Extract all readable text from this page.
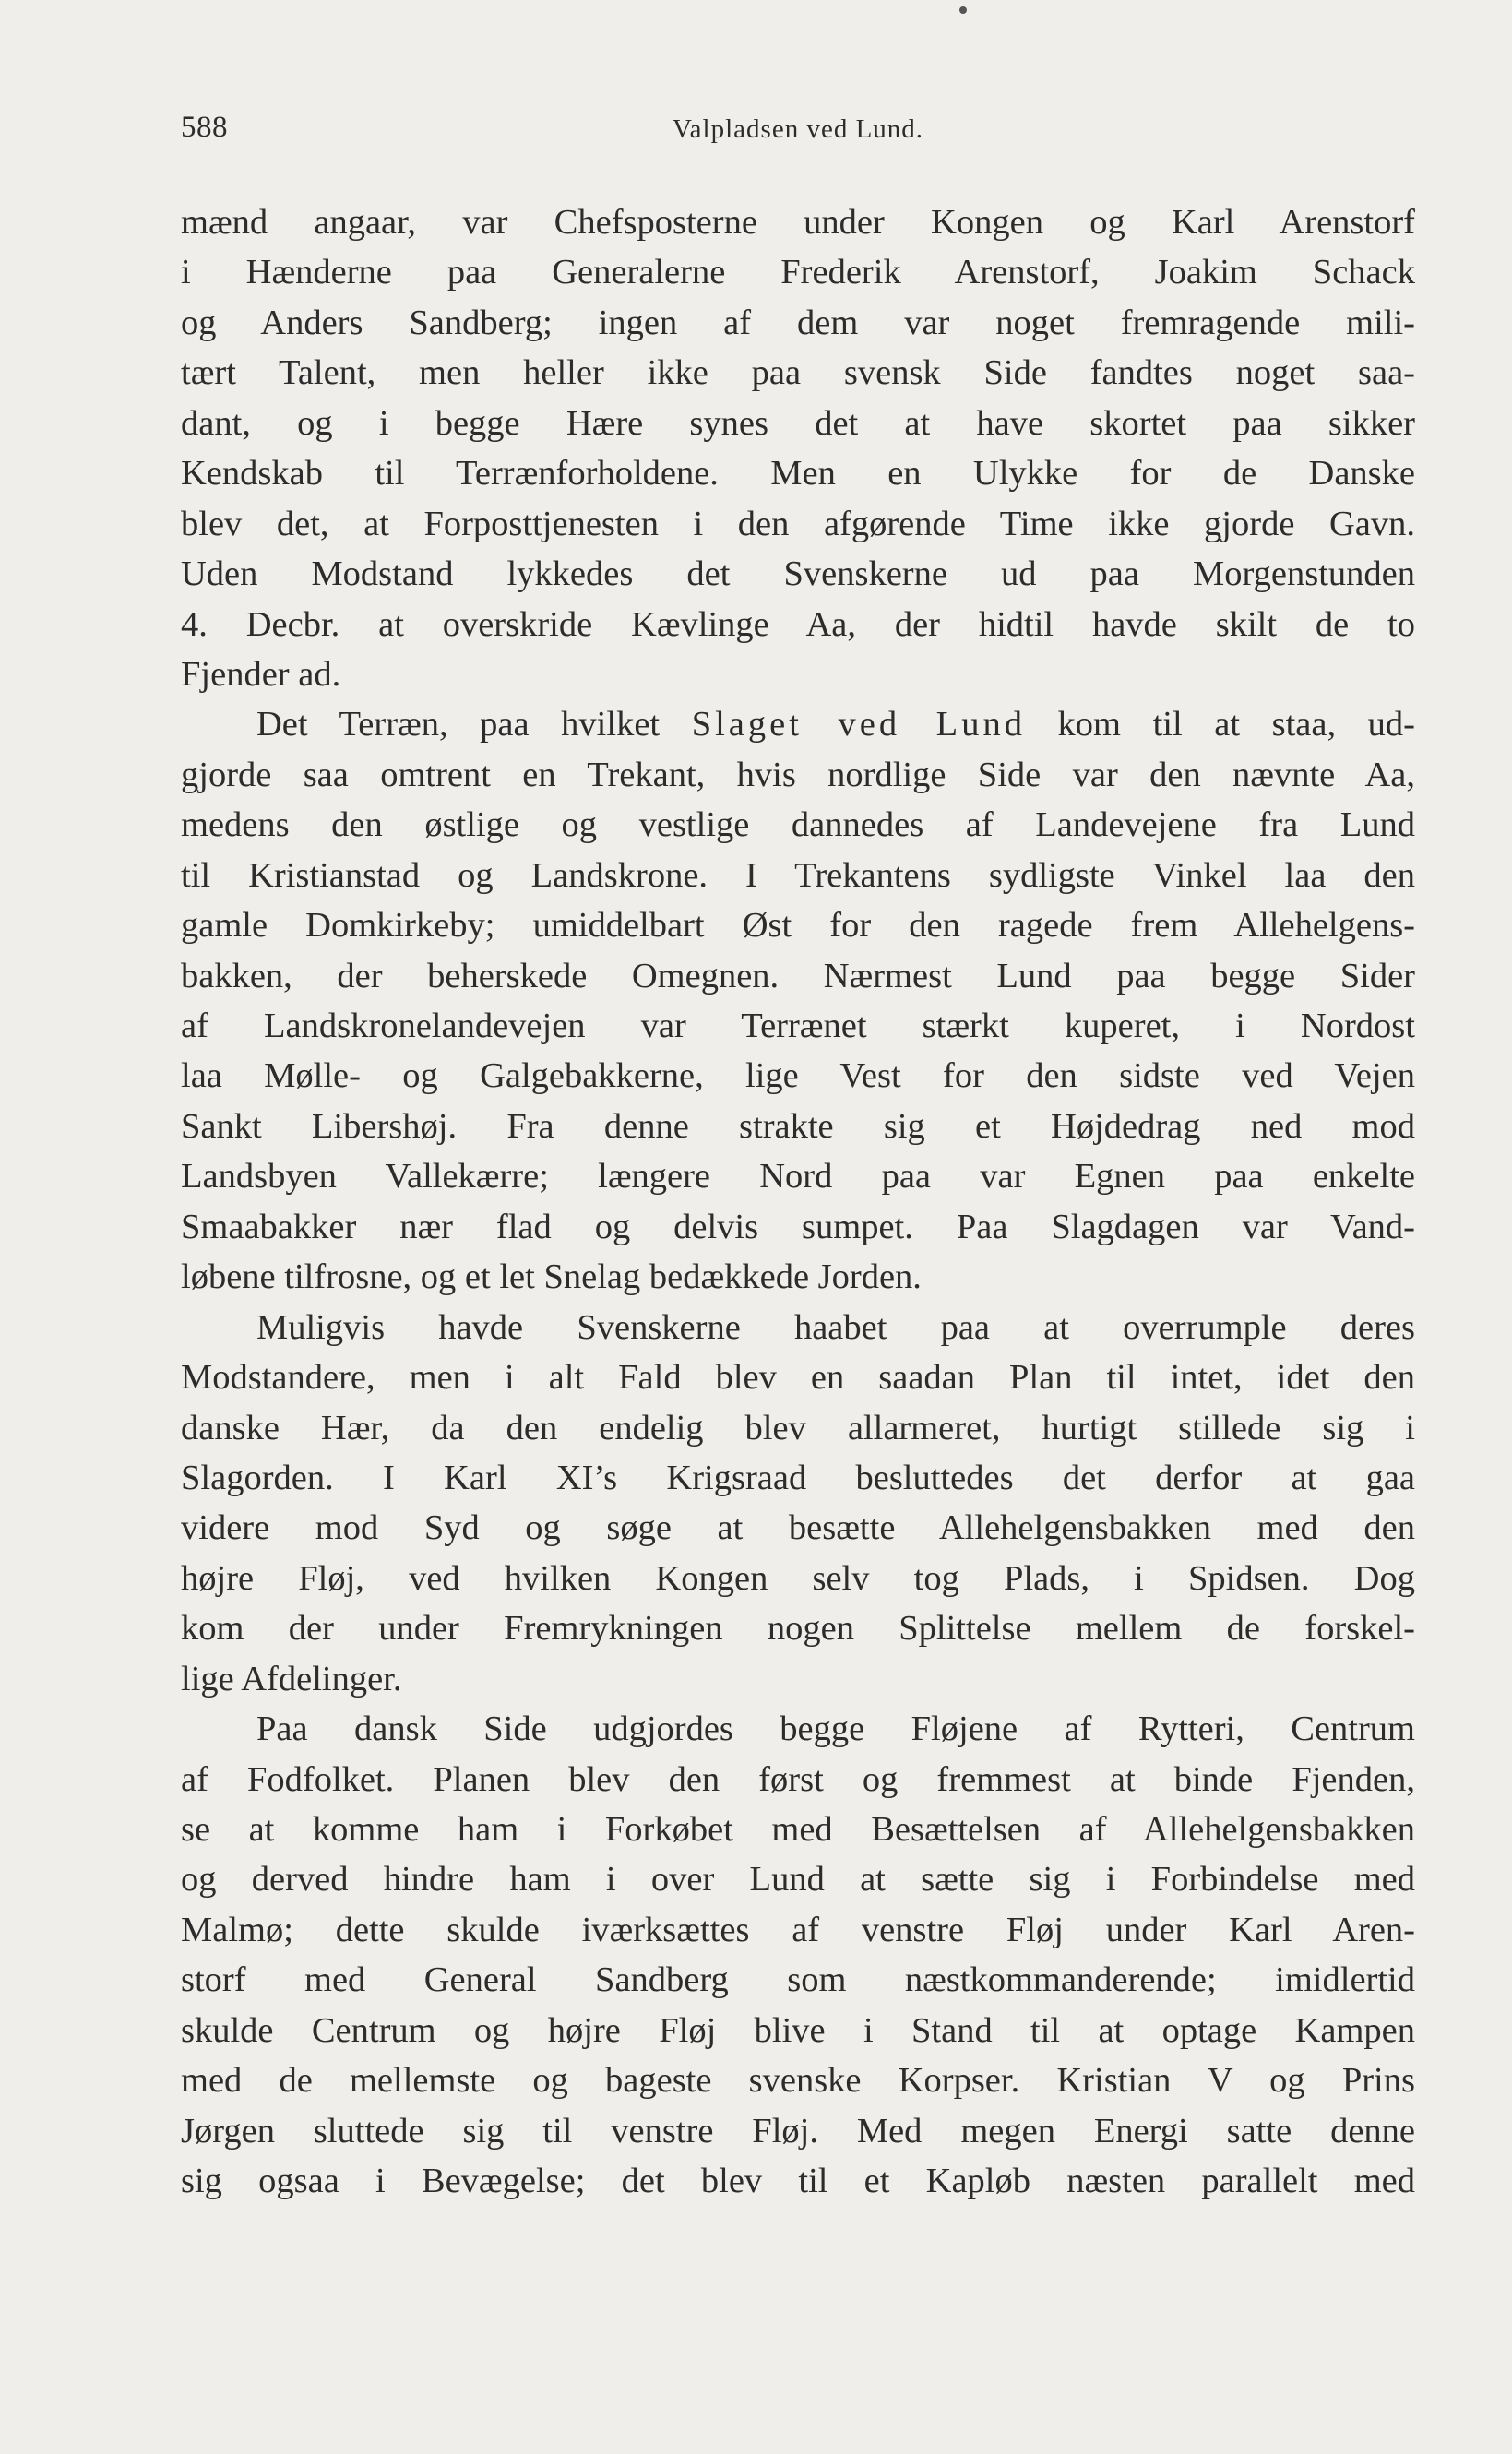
588	Valpladsen ved Lund.
mænd angaar, var Chefsposterne under Kongen og Karl Arenstorf
i Hænderne paa Generalerne Frederik Arenstorf, Joakim Schack
og Anders Sandberg; ingen af dem var noget fremragende mili-
tært Talent, men heller ikke paa svensk Side fandtes noget saa-
dant, og i begge Hære synes det at have skortet paa sikker
Kendskab til Terrænforholdene. Men en Ulykke for de Danske
blev det, at Forposttjenesten i den afgørende Time ikke gjorde Gavn.
Uden Modstand lykkedes det Svenskerne ud paa Morgenstunden
4. Decbr. at overskride Kævlinge Aa, der hidtil havde skilt de to
Fjender ad.
Det Terræn, paa hvilket Slaget ved Lund kom til at staa, ud-
gjorde saa omtrent en Trekant, hvis nordlige Side var den nævnte Aa,
medens den østlige og vestlige dannedes af Landevejene fra Lund
til Kristianstad og Landskrone. I Trekantens sydligste Vinkel laa den
gamle Domkirkeby; umiddelbart Øst for den ragede frem Allehelgens-
bakken, der beherskede Omegnen. Nærmest Lund paa begge Sider
af Landskronelandevejen var Terrænet stærkt kuperet, i Nordost
laa Mølle- og Galgebakkerne, lige Vest for den sidste ved Vejen
Sankt Libershøj. Fra denne strakte sig et Højdedrag ned mod
Landsbyen Vallekærre; længere Nord paa var Egnen paa enkelte
Smaabakker nær flad og delvis sumpet. Paa Slagdagen var Vand-
løbene tilfrosne, og et let Snelag bedækkede Jorden.
Muligvis havde Svenskerne haabet paa at overrumple deres
Modstandere, men i alt Fald blev en saadan Plan til intet, idet den
danske Hær, da den endelig blev allarmeret, hurtigt stillede sig i
Slagorden. I Karl XI’s Krigsraad besluttedes det derfor at gaa
videre mod Syd og søge at besætte Allehelgensbakken med den
højre Fløj, ved hvilken Kongen selv tog Plads, i Spidsen. Dog
kom der under Fremrykningen nogen Splittelse mellem de forskel-
lige Afdelinger.
Paa dansk Side udgjordes begge Fløjene af Rytteri, Centrum
af Fodfolket. Planen blev den først og fremmest at binde Fjenden,
se at komme ham i Forkøbet med Besættelsen af Allehelgensbakken
og derved hindre ham i over Lund at sætte sig i Forbindelse med
Malmø; dette skulde iværksættes af venstre Fløj under Karl Aren-
storf med General Sandberg som næstkommanderende; imidlertid
skulde Centrum og højre Fløj blive i Stand til at optage Kampen
med de mellemste og bageste svenske Korpser. Kristian V og Prins
Jørgen sluttede sig til venstre Fløj. Med megen Energi satte denne
sig ogsaa i Bevægelse; det blev til et Kapløb næsten parallelt med
